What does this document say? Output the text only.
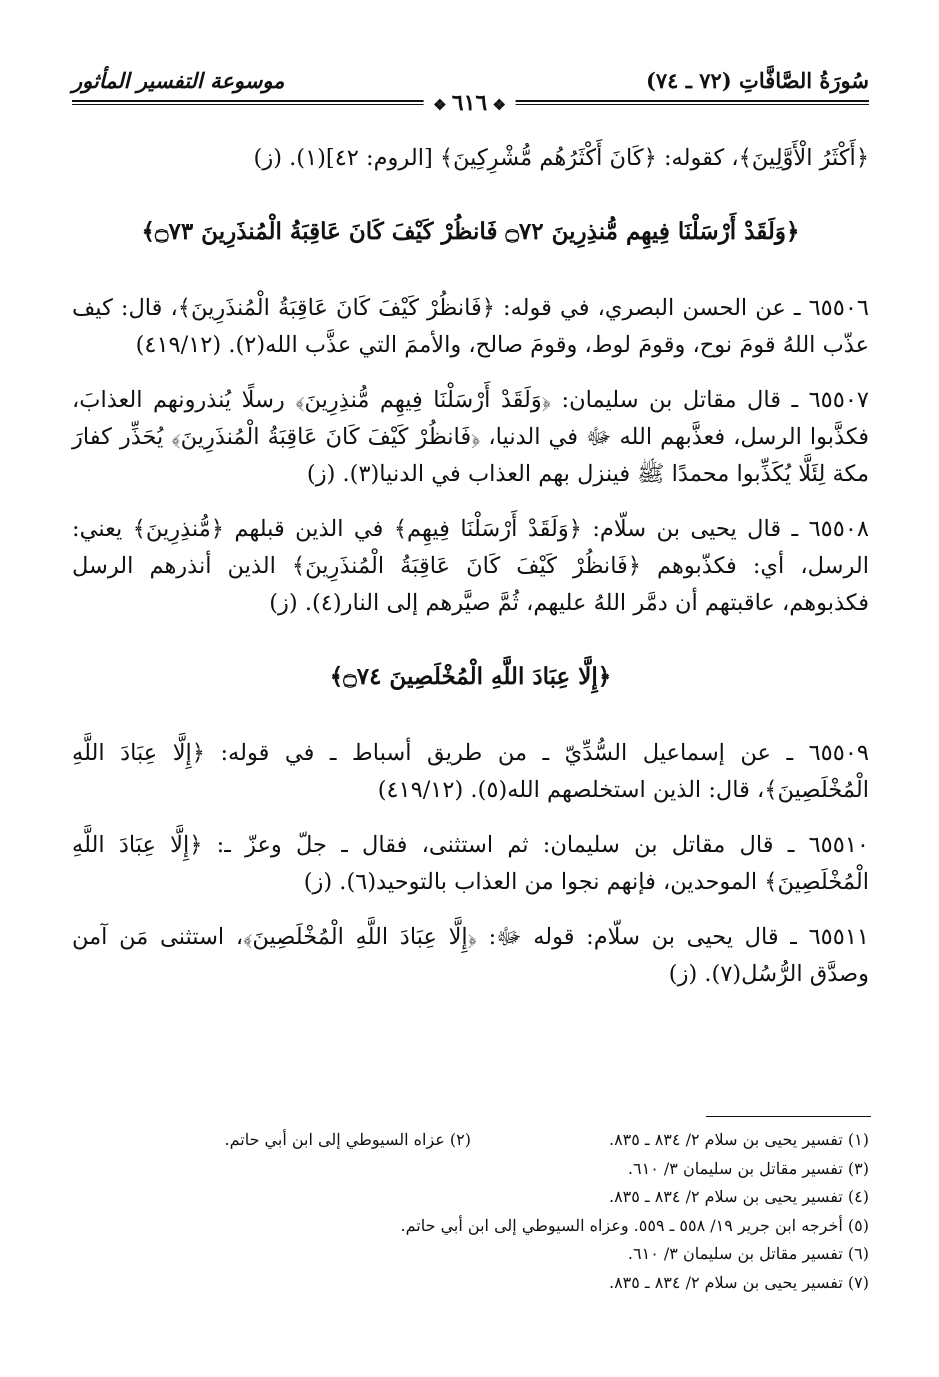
سُورَةُ الصَّافَّاتِ (٧٢ ـ ٧٤)
موسوعة التفسير المأثور
❖ ٦١٦ ❖

﴿أَكْثَرُ الْأَوَّلِينَ﴾، كقوله: ﴿كَانَ أَكْثَرُهُم مُّشْرِكِينَ﴾ [الروم: ٤٢](١). (ز)

﴿وَلَقَدْ أَرْسَلْنَا فِيهِم مُّنذِرِينَ ۝٧٢ فَانظُرْ كَيْفَ كَانَ عَاقِبَةُ الْمُنذَرِينَ ۝٧٣﴾

٦٥٥٠٦ ـ عن الحسن البصري، في قوله: ﴿فَانظُرْ كَيْفَ كَانَ عَاقِبَةُ الْمُنذَرِينَ﴾، قال: كيف عذّب اللهُ قومَ نوح، وقومَ لوط، وقومَ صالح، والأممَ التي عذَّب الله(٢). (٤١٩/١٢)

٦٥٥٠٧ ـ قال مقاتل بن سليمان: ﴿وَلَقَدْ أَرْسَلْنَا فِيهِم مُّنذِرِينَ﴾ رسلًا يُنذرونهم العذابَ، فكذَّبوا الرسل، فعذَّبهم الله ﷻ في الدنيا، ﴿فَانظُرْ كَيْفَ كَانَ عَاقِبَةُ الْمُنذَرِينَ﴾ يُحَذِّر كفارَ مكة لِئَلَّا يُكَذِّبوا محمدًا ﷺ فينزل بهم العذاب في الدنيا(٣). (ز)

٦٥٥٠٨ ـ قال يحيى بن سلّام: ﴿وَلَقَدْ أَرْسَلْنَا فِيهِم﴾ في الذين قبلهم ﴿مُّنذِرِينَ﴾ يعني: الرسل، أي: فكذّبوهم ﴿فَانظُرْ كَيْفَ كَانَ عَاقِبَةُ الْمُنذَرِينَ﴾ الذين أنذرهم الرسل فكذبوهم، عاقبتهم أن دمَّر اللهُ عليهم، ثُمَّ صيَّرهم إلى النار(٤). (ز)

﴿إِلَّا عِبَادَ اللَّهِ الْمُخْلَصِينَ ۝٧٤﴾

٦٥٥٠٩ ـ عن إسماعيل السُّدِّيّ ـ من طريق أسباط ـ في قوله: ﴿إِلَّا عِبَادَ اللَّهِ الْمُخْلَصِينَ﴾، قال: الذين استخلصهم الله(٥). (٤١٩/١٢)

٦٥٥١٠ ـ قال مقاتل بن سليمان: ثم استثنى، فقال ـ جلّ وعزّ ـ: ﴿إِلَّا عِبَادَ اللَّهِ الْمُخْلَصِينَ﴾ الموحدين، فإنهم نجوا من العذاب بالتوحيد(٦). (ز)

٦٥٥١١ ـ قال يحيى بن سلّام: قوله ﷻ: ﴿إِلَّا عِبَادَ اللَّهِ الْمُخْلَصِينَ﴾، استثنى مَن آمن وصدَّق الرُّسُل(٧). (ز)

(١) تفسير يحيى بن سلام ٢/ ٨٣٤ ـ ٨٣٥.
(٢) عزاه السيوطي إلى ابن أبي حاتم.
(٣) تفسير مقاتل بن سليمان ٣/ ٦١٠.
(٤) تفسير يحيى بن سلام ٢/ ٨٣٤ ـ ٨٣٥.
(٥) أخرجه ابن جرير ١٩/ ٥٥٨ ـ ٥٥٩. وعزاه السيوطي إلى ابن أبي حاتم.
(٦) تفسير مقاتل بن سليمان ٣/ ٦١٠.
(٧) تفسير يحيى بن سلام ٢/ ٨٣٤ ـ ٨٣٥.
